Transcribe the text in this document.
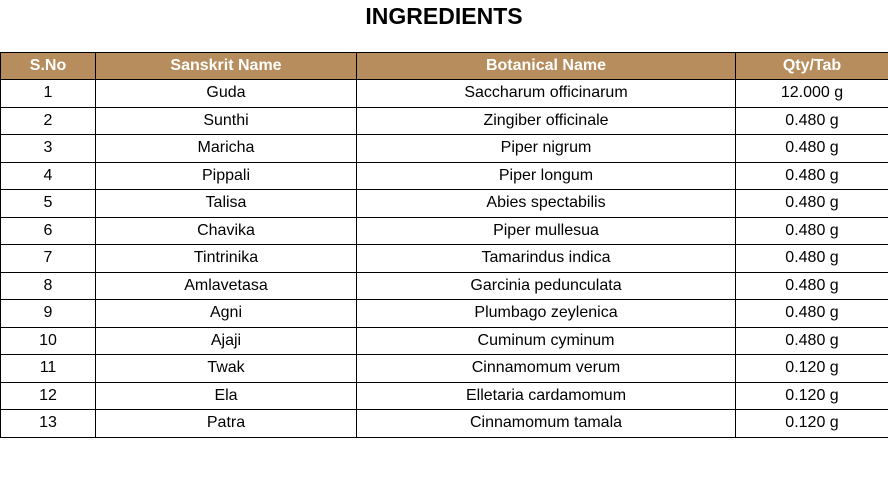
INGREDIENTS
S.No	Sanskrit Name	Botanical Name	Qty/Tab
1	Guda	Saccharum officinarum	12.000 g
2	Sunthi	Zingiber officinale	0.480 g
3	Maricha	Piper nigrum	0.480 g
4	Pippali	Piper longum	0.480 g
5	Talisa	Abies spectabilis	0.480 g
6	Chavika	Piper mullesua	0.480 g
7	Tintrinika	Tamarindus indica	0.480 g
8	Amlavetasa	Garcinia pedunculata	0.480 g
9	Agni	Plumbago zeylenica	0.480 g
10	Ajaji	Cuminum cyminum	0.480 g
11	Twak	Cinnamomum verum	0.120 g
12	Ela	Elletaria cardamomum	0.120 g
13	Patra	Cinnamomum tamala	0.120 g
